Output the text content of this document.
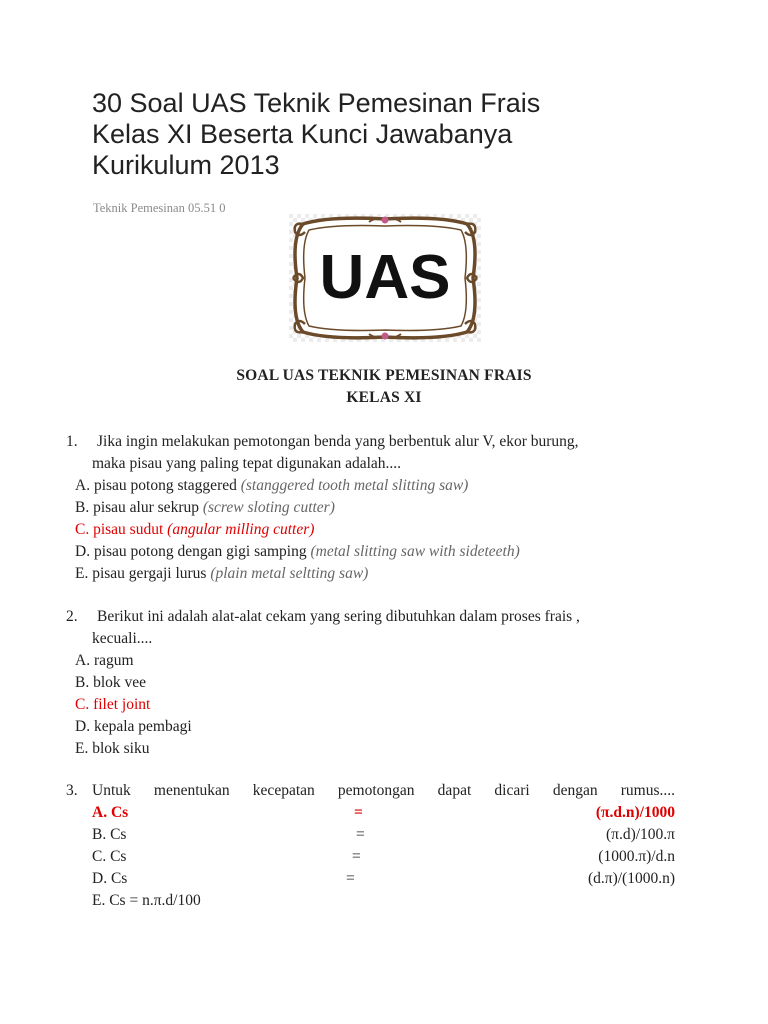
30 Soal UAS Teknik Pemesinan Frais
Kelas XI Beserta Kunci Jawabanya
Kurikulum 2013
Teknik Pemesinan 05.51 0
UAS
SOAL UAS TEKNIK PEMESINAN FRAIS
KELAS XI
1. Jika ingin melakukan pemotongan benda yang berbentuk alur V, ekor burung,
maka pisau yang paling tepat digunakan adalah....
A. pisau potong staggered (stanggered tooth metal slitting saw)
B. pisau alur sekrup (screw sloting cutter)
C. pisau sudut (angular milling cutter)
D. pisau potong dengan gigi samping (metal slitting saw with sideteeth)
E. pisau gergaji lurus (plain metal seltting saw)
2. Berikut ini adalah alat-alat cekam yang sering dibutuhkan dalam proses frais ,
kecuali....
A. ragum
B. blok vee
C. filet joint
D. kepala pembagi
E. blok siku
3. Untuk menentukan kecepatan pemotongan dapat dicari dengan rumus....
A. Cs	=	(π.d.n)/1000
B. Cs	=	(π.d)/100.π
C. Cs	=	(1000.π)/d.n
D. Cs	=	(d.π)/(1000.n)
E. Cs = n.π.d/100
